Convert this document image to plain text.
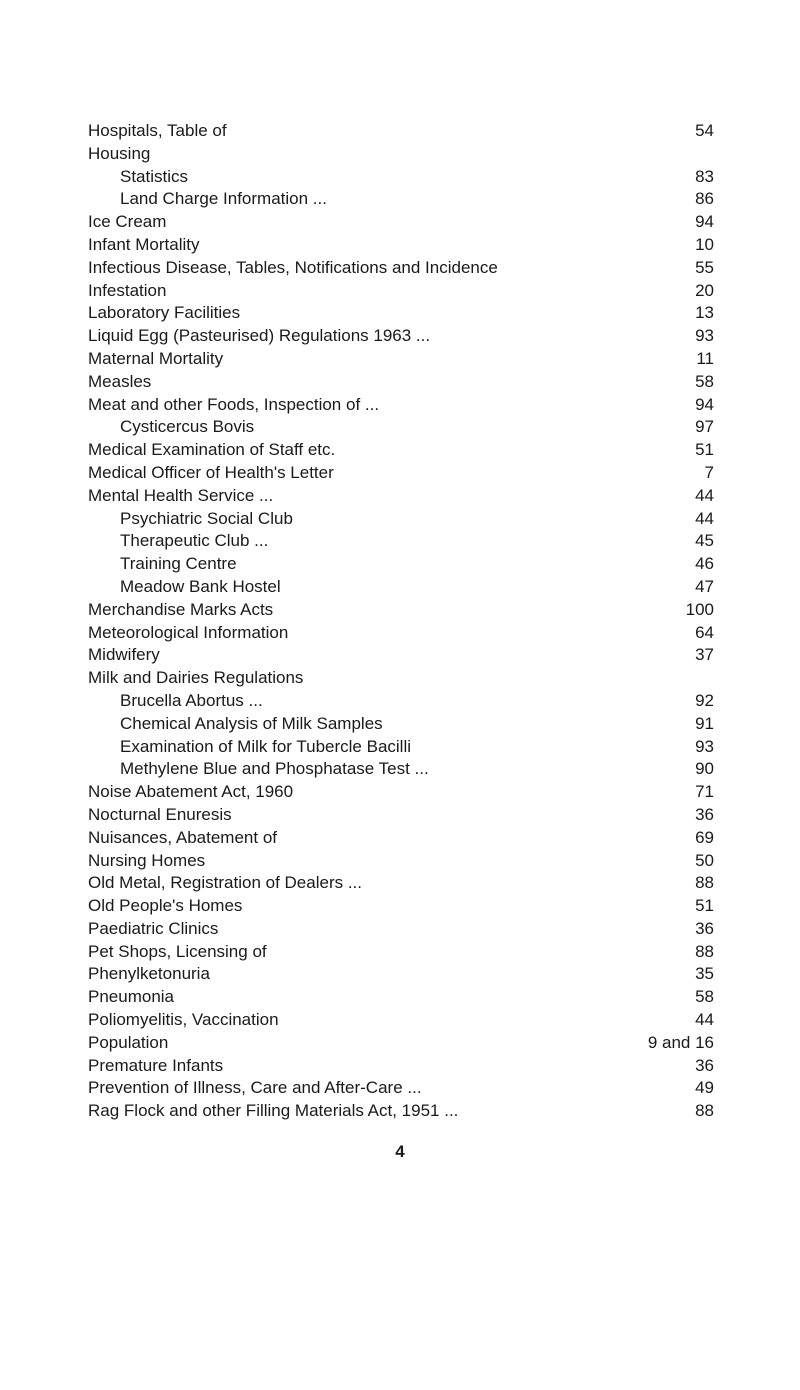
Hospitals, Table of	54
Housing
Statistics	83
Land Charge Information ...	86
Ice Cream	94
Infant Mortality	10
Infectious Disease, Tables, Notifications and Incidence	55
Infestation	20
Laboratory Facilities	13
Liquid Egg (Pasteurised) Regulations 1963 ...	93
Maternal Mortality	11
Measles	58
Meat and other Foods, Inspection of ...	94
Cysticercus Bovis	97
Medical Examination of Staff etc.	51
Medical Officer of Health's Letter	7
Mental Health Service ...	44
Psychiatric Social Club	44
Therapeutic Club ...	45
Training Centre	46
Meadow Bank Hostel	47
Merchandise Marks Acts	100
Meteorological Information	64
Midwifery	37
Milk and Dairies Regulations
Brucella Abortus ...	92
Chemical Analysis of Milk Samples	91
Examination of Milk for Tubercle Bacilli	93
Methylene Blue and Phosphatase Test ...	90
Noise Abatement Act, 1960	71
Nocturnal Enuresis	36
Nuisances, Abatement of	69
Nursing Homes	50
Old Metal, Registration of Dealers ...	88
Old People's Homes	51
Paediatric Clinics	36
Pet Shops, Licensing of	88
Phenylketonuria	35
Pneumonia	58
Poliomyelitis, Vaccination	44
Population	9 and 16
Premature Infants	36
Prevention of Illness, Care and After-Care ...	49
Rag Flock and other Filling Materials Act, 1951 ...	88
4
